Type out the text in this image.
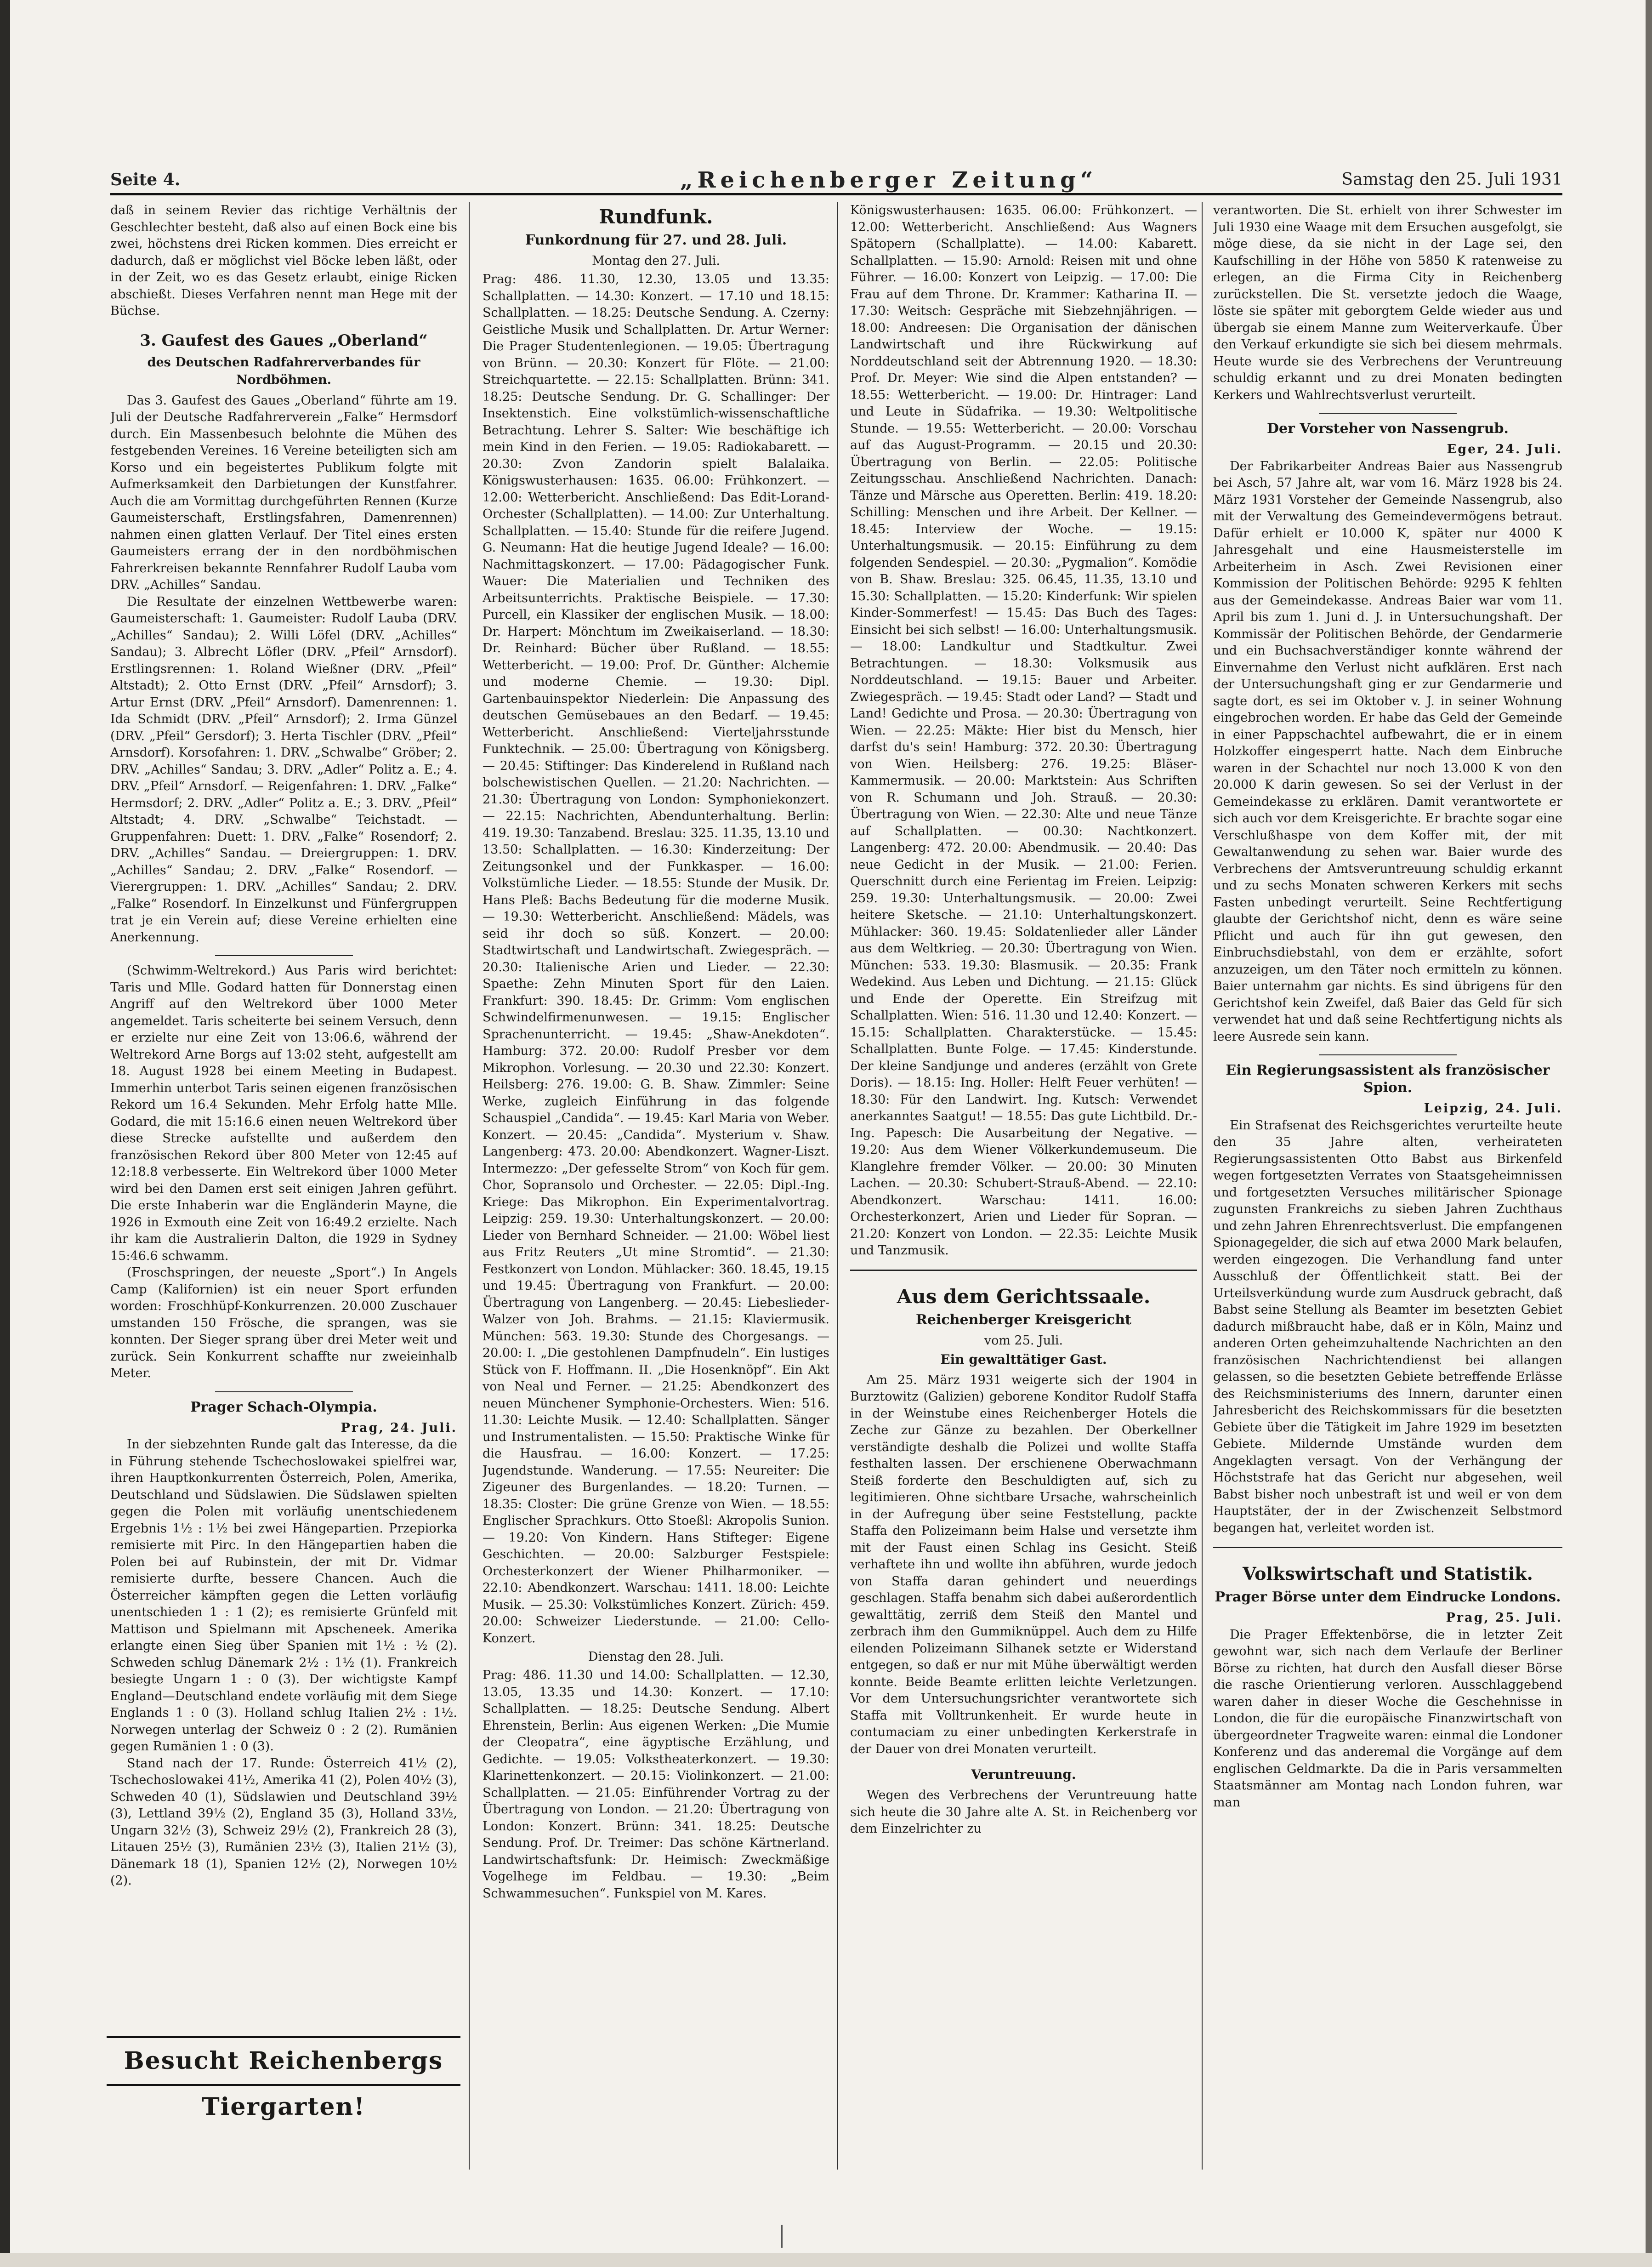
Seite 4.	„Reichenberger Zeitung“	Samstag den 25. Juli 1931

daß in seinem Revier das richtige Verhältnis der Geschlechter besteht, daß also auf einen Bock eine bis zwei, höchstens drei Ricken kommen. Dies erreicht er dadurch, daß er möglichst viel Böcke leben läßt, oder in der Zeit, wo es das Gesetz erlaubt, einige Ricken abschießt. Dieses Verfahren nennt man Hege mit der Büchse.

3. Gaufest des Gaues „Oberland“
des Deutschen Radfahrerverbandes für Nordböhmen.

Das 3. Gaufest des Gaues „Oberland“ führte am 19. Juli der Deutsche Radfahrerverein „Falke“ Hermsdorf durch. Ein Massenbesuch belohnte die Mühen des festgebenden Vereines. 16 Vereine beteiligten sich am Korso und ein begeistertes Publikum folgte mit Aufmerksamkeit den Darbietungen der Kunstfahrer. Auch die am Vormittag durchgeführten Rennen (Kurze Gaumeisterschaft, Erstlingsfahren, Damenrennen) nahmen einen glatten Verlauf. Der Titel eines ersten Gaumeisters errang der in den nordböhmischen Fahrerkreisen bekannte Rennfahrer Rudolf Lauba vom DRV. „Achilles“ Sandau.

Die Resultate der einzelnen Wettbewerbe waren: Gaumeisterschaft: 1. Gaumeister: Rudolf Lauba (DRV. „Achilles“ Sandau); 2. Willi Löfel (DRV. „Achilles“ Sandau); 3. Albrecht Löfler (DRV. „Pfeil“ Arnsdorf). Erstlingsrennen: 1. Roland Wießner (DRV. „Pfeil“ Altstadt); 2. Otto Ernst (DRV. „Pfeil“ Arnsdorf); 3. Artur Ernst (DRV. „Pfeil“ Arnsdorf). Damenrennen: 1. Ida Schmidt (DRV. „Pfeil“ Arnsdorf); 2. Irma Günzel (DRV. „Pfeil“ Gersdorf); 3. Herta Tischler (DRV. „Pfeil“ Arnsdorf). Korsofahren: 1. DRV. „Schwalbe“ Gröber; 2. DRV. „Achilles“ Sandau; 3. DRV. „Adler“ Politz a. E.; 4. DRV. „Pfeil“ Arnsdorf. — Reigenfahren: 1. DRV. „Falke“ Hermsdorf; 2. DRV. „Adler“ Politz a. E.; 3. DRV. „Pfeil“ Altstadt; 4. DRV. „Schwalbe“ Teichstadt. — Gruppenfahren: Duett: 1. DRV. „Falke“ Rosendorf; 2. DRV. „Achilles“ Sandau. — Dreiergruppen: 1. DRV. „Achilles“ Sandau; 2. DRV. „Falke“ Rosendorf. — Vierergruppen: 1. DRV. „Achilles“ Sandau; 2. DRV. „Falke“ Rosendorf. In Einzelkunst und Fünfergruppen trat je ein Verein auf; diese Vereine erhielten eine Anerkennung.

(Schwimm-Weltrekord.) Aus Paris wird berichtet: Taris und Mlle. Godard hatten für Donnerstag einen Angriff auf den Weltrekord über 1000 Meter angemeldet. Taris scheiterte bei seinem Versuch, denn er erzielte nur eine Zeit von 13:06.6, während der Weltrekord Arne Borgs auf 13:02 steht, aufgestellt am 18. August 1928 bei einem Meeting in Budapest. Immerhin unterbot Taris seinen eigenen französischen Rekord um 16.4 Sekunden. Mehr Erfolg hatte Mlle. Godard, die mit 15:16.6 einen neuen Weltrekord über diese Strecke aufstellte und außerdem den französischen Rekord über 800 Meter von 12:45 auf 12:18.8 verbesserte. Ein Weltrekord über 1000 Meter wird bei den Damen erst seit einigen Jahren geführt. Die erste Inhaberin war die Engländerin Mayne, die 1926 in Exmouth eine Zeit von 16:49.2 erzielte. Nach ihr kam die Australierin Dalton, die 1929 in Sydney 15:46.6 schwamm.

(Froschspringen, der neueste „Sport“.) In Angels Camp (Kalifornien) ist ein neuer Sport erfunden worden: Froschhüpf-Konkurrenzen. 20.000 Zuschauer umstanden 150 Frösche, die sprangen, was sie konnten. Der Sieger sprang über drei Meter weit und zurück. Sein Konkurrent schaffte nur zweieinhalb Meter.

Prager Schach-Olympia.
Prag, 24. Juli.

In der siebzehnten Runde galt das Interesse, da die in Führung stehende Tschechoslowakei spielfrei war, ihren Hauptkonkurrenten Österreich, Polen, Amerika, Deutschland und Südslawien. Die Südslawen spielten gegen die Polen mit vorläufig unentschiedenem Ergebnis 1½ : 1½ bei zwei Hängepartien. Przepiorka remisierte mit Pirc. In den Hängepartien haben die Polen bei auf Rubinstein, der mit Dr. Vidmar remisierte durfte, bessere Chancen. Auch die Österreicher kämpften gegen die Letten vorläufig unentschieden 1 : 1 (2); es remisierte Grünfeld mit Mattison und Spielmann mit Apscheneek. Amerika erlangte einen Sieg über Spanien mit 1½ : ½ (2). Schweden schlug Dänemark 2½ : 1½ (1). Frankreich besiegte Ungarn 1 : 0 (3). Der wichtigste Kampf England—Deutschland endete vorläufig mit dem Siege Englands 1 : 0 (3). Holland schlug Italien 2½ : 1½. Norwegen unterlag der Schweiz 0 : 2 (2). Rumänien gegen Rumänien 1 : 0 (3).

Stand nach der 17. Runde: Österreich 41½ (2), Tschechoslowakei 41½, Amerika 41 (2), Polen 40½ (3), Schweden 40 (1), Südslawien und Deutschland 39½ (3), Lettland 39½ (2), England 35 (3), Holland 33½, Ungarn 32½ (3), Schweiz 29½ (2), Frankreich 28 (3), Litauen 25½ (3), Rumänien 23½ (3), Italien 21½ (3), Dänemark 18 (1), Spanien 12½ (2), Norwegen 10½ (2).

Besucht Reichenbergs Tiergarten!
Rundfunk.
Funkordnung für 27. und 28. Juli.
Montag den 27. Juli.

Prag: 486. 11.30, 12.30, 13.05 und 13.35: Schallplatten. — 14.30: Konzert. — 17.10 und 18.15: Schallplatten. — 18.25: Deutsche Sendung. A. Czerny: Geistliche Musik und Schallplatten. Dr. Artur Werner: Die Prager Studentenlegionen. — 19.05: Übertragung von Brünn. — 20.30: Konzert für Flöte. — 21.00: Streichquartette. — 22.15: Schallplatten. Brünn: 341. 18.25: Deutsche Sendung. Dr. G. Schallinger: Der Insektenstich. Eine volkstümlich-wissenschaftliche Betrachtung. Lehrer S. Salter: Wie beschäftige ich mein Kind in den Ferien. — 19.05: Radiokabarett. — 20.30: Zvon Zandorin spielt Balalaika. Königswusterhausen: 1635. 06.00: Frühkonzert. — 12.00: Wetterbericht. Anschließend: Das Edit-Lorand-Orchester (Schallplatten). — 14.00: Zur Unterhaltung. Schallplatten. — 15.40: Stunde für die reifere Jugend. G. Neumann: Hat die heutige Jugend Ideale? — 16.00: Nachmittagskonzert. — 17.00: Pädagogischer Funk. Wauer: Die Materialien und Techniken des Arbeitsunterrichts. Praktische Beispiele. — 17.30: Purcell, ein Klassiker der englischen Musik. — 18.00: Dr. Harpert: Mönchtum im Zweikaiserland. — 18.30: Dr. Reinhard: Bücher über Rußland. — 18.55: Wetterbericht. — 19.00: Prof. Dr. Günther: Alchemie und moderne Chemie. — 19.30: Dipl. Gartenbauinspektor Niederlein: Die Anpassung des deutschen Gemüsebaues an den Bedarf. — 19.45: Wetterbericht. Anschließend: Vierteljahrsstunde Funktechnik. — 25.00: Übertragung von Königsberg. — 20.45: Stiftinger: Das Kinderelend in Rußland nach bolschewistischen Quellen. — 21.20: Nachrichten. — 21.30: Übertragung von London: Symphoniekonzert. — 22.15: Nachrichten, Abendunterhaltung. Berlin: 419. 19.30: Tanzabend. Breslau: 325. 11.35, 13.10 und 13.50: Schallplatten. — 16.30: Kinderzeitung: Der Zeitungsonkel und der Funkkasper. — 16.00: Volkstümliche Lieder. — 18.55: Stunde der Musik. Dr. Hans Pleß: Bachs Bedeutung für die moderne Musik. — 19.30: Wetterbericht. Anschließend: Mädels, was seid ihr doch so süß. Konzert. — 20.00: Stadtwirtschaft und Landwirtschaft. Zwiegespräch. — 20.30: Italienische Arien und Lieder. — 22.30: Spaethe: Zehn Minuten Sport für den Laien. Frankfurt: 390. 18.45: Dr. Grimm: Vom englischen Schwindelfirmenunwesen. — 19.15: Englischer Sprachenunterricht. — 19.45: „Shaw-Anekdoten“. Hamburg: 372. 20.00: Rudolf Presber vor dem Mikrophon. Vorlesung. — 20.30 und 22.30: Konzert. Heilsberg: 276. 19.00: G. B. Shaw. Zimmler: Seine Werke, zugleich Einführung in das folgende Schauspiel „Candida“. — 19.45: Karl Maria von Weber. Konzert. — 20.45: „Candida“. Mysterium v. Shaw. Langenberg: 473. 20.00: Abendkonzert. Wagner-Liszt. Intermezzo: „Der gefesselte Strom“ von Koch für gem. Chor, Sopransolo und Orchester. — 22.05: Dipl.-Ing. Kriege: Das Mikrophon. Ein Experimentalvortrag. Leipzig: 259. 19.30: Unterhaltungskonzert. — 20.00: Lieder von Bernhard Schneider. — 21.00: Wöbel liest aus Fritz Reuters „Ut mine Stromtid“. — 21.30: Festkonzert von London. Mühlacker: 360. 18.45, 19.15 und 19.45: Übertragung von Frankfurt. — 20.00: Übertragung von Langenberg. — 20.45: Liebeslieder-Walzer von Joh. Brahms. — 21.15: Klaviermusik. München: 563. 19.30: Stunde des Chorgesangs. — 20.00: I. „Die gestohlenen Dampfnudeln“. Ein lustiges Stück von F. Hoffmann. II. „Die Hosenknöpf“. Ein Akt von Neal und Ferner. — 21.25: Abendkonzert des neuen Münchener Symphonie-Orchesters. Wien: 516. 11.30: Leichte Musik. — 12.40: Schallplatten. Sänger und Instrumentalisten. — 15.50: Praktische Winke für die Hausfrau. — 16.00: Konzert. — 17.25: Jugendstunde. Wanderung. — 17.55: Neureiter: Die Zigeuner des Burgenlandes. — 18.20: Turnen. — 18.35: Closter: Die grüne Grenze von Wien. — 18.55: Englischer Sprachkurs. Otto Stoeßl: Akropolis Sunion. — 19.20: Von Kindern. Hans Stifteger: Eigene Geschichten. — 20.00: Salzburger Festspiele: Orchesterkonzert der Wiener Philharmoniker. — 22.10: Abendkonzert. Warschau: 1411. 18.00: Leichte Musik. — 25.30: Volkstümliches Konzert. Zürich: 459. 20.00: Schweizer Liederstunde. — 21.00: Cello-Konzert.

Dienstag den 28. Juli.

Prag: 486. 11.30 und 14.00: Schallplatten. — 12.30, 13.05, 13.35 und 14.30: Konzert. — 17.10: Schallplatten. — 18.25: Deutsche Sendung. Albert Ehrenstein, Berlin: Aus eigenen Werken: „Die Mumie der Cleopatra“, eine ägyptische Erzählung, und Gedichte. — 19.05: Volkstheaterkonzert. — 19.30: Klarinettenkonzert. — 20.15: Violinkonzert. — 21.00: Schallplatten. — 21.05: Einführender Vortrag zu der Übertragung von London. — 21.20: Übertragung von London: Konzert. Brünn: 341. 18.25: Deutsche Sendung. Prof. Dr. Treimer: Das schöne Kärtnerland. Landwirtschaftsfunk: Dr. Heimisch: Zweckmäßige Vogelhege im Feldbau. — 19.30: „Beim Schwammesuchen“. Funkspiel von M. Kares.

Königswusterhausen: 1635. 06.00: Frühkonzert. — 12.00: Wetterbericht. Anschließend: Aus Wagners Spätopern (Schallplatte). — 14.00: Kabarett. Schallplatten. — 15.90: Arnold: Reisen mit und ohne Führer. — 16.00: Konzert von Leipzig. — 17.00: Die Frau auf dem Throne. Dr. Krammer: Katharina II. — 17.30: Weitsch: Gespräche mit Siebzehnjährigen. — 18.00: Andreesen: Die Organisation der dänischen Landwirtschaft und ihre Rückwirkung auf Norddeutschland seit der Abtrennung 1920. — 18.30: Prof. Dr. Meyer: Wie sind die Alpen entstanden? — 18.55: Wetterbericht. — 19.00: Dr. Hintrager: Land und Leute in Südafrika. — 19.30: Weltpolitische Stunde. — 19.55: Wetterbericht. — 20.00: Vorschau auf das August-Programm. — 20.15 und 20.30: Übertragung von Berlin. — 22.05: Politische Zeitungsschau. Anschließend Nachrichten. Danach: Tänze und Märsche aus Operetten. Berlin: 419. 18.20: Schilling: Menschen und ihre Arbeit. Der Kellner. — 18.45: Interview der Woche. — 19.15: Unterhaltungsmusik. — 20.15: Einführung zu dem folgenden Sendespiel. — 20.30: „Pygmalion“. Komödie von B. Shaw. Breslau: 325. 06.45, 11.35, 13.10 und 15.30: Schallplatten. — 15.20: Kinderfunk: Wir spielen Kinder-Sommerfest! — 15.45: Das Buch des Tages: Einsicht bei sich selbst! — 16.00: Unterhaltungsmusik. — 18.00: Landkultur und Stadtkultur. Zwei Betrachtungen. — 18.30: Volksmusik aus Norddeutschland. — 19.15: Bauer und Arbeiter. Zwiegespräch. — 19.45: Stadt oder Land? — Stadt und Land! Gedichte und Prosa. — 20.30: Übertragung von Wien. — 22.25: Mäkte: Hier bist du Mensch, hier darfst du's sein! Hamburg: 372. 20.30: Übertragung von Wien. Heilsberg: 276. 19.25: Bläser-Kammermusik. — 20.00: Marktstein: Aus Schriften von R. Schumann und Joh. Strauß. — 20.30: Übertragung von Wien. — 22.30: Alte und neue Tänze auf Schallplatten. — 00.30: Nachtkonzert. Langenberg: 472. 20.00: Abendmusik. — 20.40: Das neue Gedicht in der Musik. — 21.00: Ferien. Querschnitt durch eine Ferientag im Freien. Leipzig: 259. 19.30: Unterhaltungsmusik. — 20.00: Zwei heitere Sketsche. — 21.10: Unterhaltungskonzert. Mühlacker: 360. 19.45: Soldatenlieder aller Länder aus dem Weltkrieg. — 20.30: Übertragung von Wien. München: 533. 19.30: Blasmusik. — 20.35: Frank Wedekind. Aus Leben und Dichtung. — 21.15: Glück und Ende der Operette. Ein Streifzug mit Schallplatten. Wien: 516. 11.30 und 12.40: Konzert. — 15.15: Schallplatten. Charakterstücke. — 15.45: Schallplatten. Bunte Folge. — 17.45: Kinderstunde. Der kleine Sandjunge und anderes (erzählt von Grete Doris). — 18.15: Ing. Holler: Helft Feuer verhüten! — 18.30: Für den Landwirt. Ing. Kutsch: Verwendet anerkanntes Saatgut! — 18.55: Das gute Lichtbild. Dr.-Ing. Papesch: Die Ausarbeitung der Negative. — 19.20: Aus dem Wiener Völkerkundemuseum. Die Klanglehre fremder Völker. — 20.00: 30 Minuten Lachen. — 20.30: Schubert-Strauß-Abend. — 22.10: Abendkonzert. Warschau: 1411. 16.00: Orchesterkonzert, Arien und Lieder für Sopran. — 21.20: Konzert von London. — 22.35: Leichte Musik und Tanzmusik.

Aus dem Gerichtssaale.
Reichenberger Kreisgericht
vom 25. Juli.
Ein gewalttätiger Gast.

Am 25. März 1931 weigerte sich der 1904 in Burztowitz (Galizien) geborene Konditor Rudolf Staffa in der Weinstube eines Reichenberger Hotels die Zeche zur Gänze zu bezahlen. Der Oberkellner verständigte deshalb die Polizei und wollte Staffa festhalten lassen. Der erschienene Oberwachmann Steiß forderte den Beschuldigten auf, sich zu legitimieren. Ohne sichtbare Ursache, wahrscheinlich in der Aufregung über seine Feststellung, packte Staffa den Polizeimann beim Halse und versetzte ihm mit der Faust einen Schlag ins Gesicht. Steiß verhaftete ihn und wollte ihn abführen, wurde jedoch von Staffa daran gehindert und neuerdings geschlagen. Staffa benahm sich dabei außerordentlich gewalttätig, zerriß dem Steiß den Mantel und zerbrach ihm den Gummiknüppel. Auch dem zu Hilfe eilenden Polizeimann Silhanek setzte er Widerstand entgegen, so daß er nur mit Mühe überwältigt werden konnte. Beide Beamte erlitten leichte Verletzungen. Vor dem Untersuchungsrichter verantwortete sich Staffa mit Volltrunkenheit. Er wurde heute in contumaciam zu einer unbedingten Kerkerstrafe in der Dauer von drei Monaten verurteilt.

Veruntreuung.

Wegen des Verbrechens der Veruntreuung hatte sich heute die 30 Jahre alte A. St. in Reichenberg vor dem Einzelrichter zu

verantworten. Die St. erhielt von ihrer Schwester im Juli 1930 eine Waage mit dem Ersuchen ausgefolgt, sie möge diese, da sie nicht in der Lage sei, den Kaufschilling in der Höhe von 5850 K ratenweise zu erlegen, an die Firma City in Reichenberg zurückstellen. Die St. versetzte jedoch die Waage, löste sie später mit geborgtem Gelde wieder aus und übergab sie einem Manne zum Weiterverkaufe. Über den Verkauf erkundigte sie sich bei diesem mehrmals. Heute wurde sie des Verbrechens der Veruntreuung schuldig erkannt und zu drei Monaten bedingten Kerkers und Wahlrechtsverlust verurteilt.

Der Vorsteher von Nassengrub.
Eger, 24. Juli.

Der Fabrikarbeiter Andreas Baier aus Nassengrub bei Asch, 57 Jahre alt, war vom 16. März 1928 bis 24. März 1931 Vorsteher der Gemeinde Nassengrub, also mit der Verwaltung des Gemeindevermögens betraut. Dafür erhielt er 10.000 K, später nur 4000 K Jahresgehalt und eine Hausmeisterstelle im Arbeiterheim in Asch. Zwei Revisionen einer Kommission der Politischen Behörde: 9295 K fehlten aus der Gemeindekasse. Andreas Baier war vom 11. April bis zum 1. Juni d. J. in Untersuchungshaft. Der Kommissär der Politischen Behörde, der Gendarmerie und ein Buchsachverständiger konnte während der Einvernahme den Verlust nicht aufklären. Erst nach der Untersuchungshaft ging er zur Gendarmerie und sagte dort, es sei im Oktober v. J. in seiner Wohnung eingebrochen worden. Er habe das Geld der Gemeinde in einer Pappschachtel aufbewahrt, die er in einem Holzkoffer eingesperrt hatte. Nach dem Einbruche waren in der Schachtel nur noch 13.000 K von den 20.000 K darin gewesen. So sei der Verlust in der Gemeindekasse zu erklären. Damit verantwortete er sich auch vor dem Kreisgerichte. Er brachte sogar eine Verschlußhaspe von dem Koffer mit, der mit Gewaltanwendung zu sehen war. Baier wurde des Verbrechens der Amtsveruntreuung schuldig erkannt und zu sechs Monaten schweren Kerkers mit sechs Fasten unbedingt verurteilt. Seine Rechtfertigung glaubte der Gerichtshof nicht, denn es wäre seine Pflicht und auch für ihn gut gewesen, den Einbruchsdiebstahl, von dem er erzählte, sofort anzuzeigen, um den Täter noch ermitteln zu können. Baier unternahm gar nichts. Es sind übrigens für den Gerichtshof kein Zweifel, daß Baier das Geld für sich verwendet hat und daß seine Rechtfertigung nichts als leere Ausrede sein kann.

Ein Regierungsassistent als französischer Spion.
Leipzig, 24. Juli.

Ein Strafsenat des Reichsgerichtes verurteilte heute den 35 Jahre alten, verheirateten Regierungsassistenten Otto Babst aus Birkenfeld wegen fortgesetzten Verrates von Staatsgeheimnissen und fortgesetzten Versuches militärischer Spionage zugunsten Frankreichs zu sieben Jahren Zuchthaus und zehn Jahren Ehrenrechtsverlust. Die empfangenen Spionagegelder, die sich auf etwa 2000 Mark belaufen, werden eingezogen. Die Verhandlung fand unter Ausschluß der Öffentlichkeit statt. Bei der Urteilsverkündung wurde zum Ausdruck gebracht, daß Babst seine Stellung als Beamter im besetzten Gebiet dadurch mißbraucht habe, daß er in Köln, Mainz und anderen Orten geheimzuhaltende Nachrichten an den französischen Nachrichtendienst bei allangen gelassen, so die besetzten Gebiete betreffende Erlässe des Reichsministeriums des Innern, darunter einen Jahresbericht des Reichskommissars für die besetzten Gebiete über die Tätigkeit im Jahre 1929 im besetzten Gebiete. Mildernde Umstände wurden dem Angeklagten versagt. Von der Verhängung der Höchststrafe hat das Gericht nur abgesehen, weil Babst bisher noch unbestraft ist und weil er von dem Hauptstäter, der in der Zwischenzeit Selbstmord begangen hat, verleitet worden ist.

Volkswirtschaft und Statistik.
Prager Börse unter dem Eindrucke Londons.
Prag, 25. Juli.

Die Prager Effektenbörse, die in letzter Zeit gewohnt war, sich nach dem Verlaufe der Berliner Börse zu richten, hat durch den Ausfall dieser Börse die rasche Orientierung verloren. Ausschlaggebend waren daher in dieser Woche die Geschehnisse in London, die für die europäische Finanzwirtschaft von übergeordneter Tragweite waren: einmal die Londoner Konferenz und das anderemal die Vorgänge auf dem englischen Geldmarkte. Da die in Paris versammelten Staatsmänner am Montag nach London fuhren, war man
